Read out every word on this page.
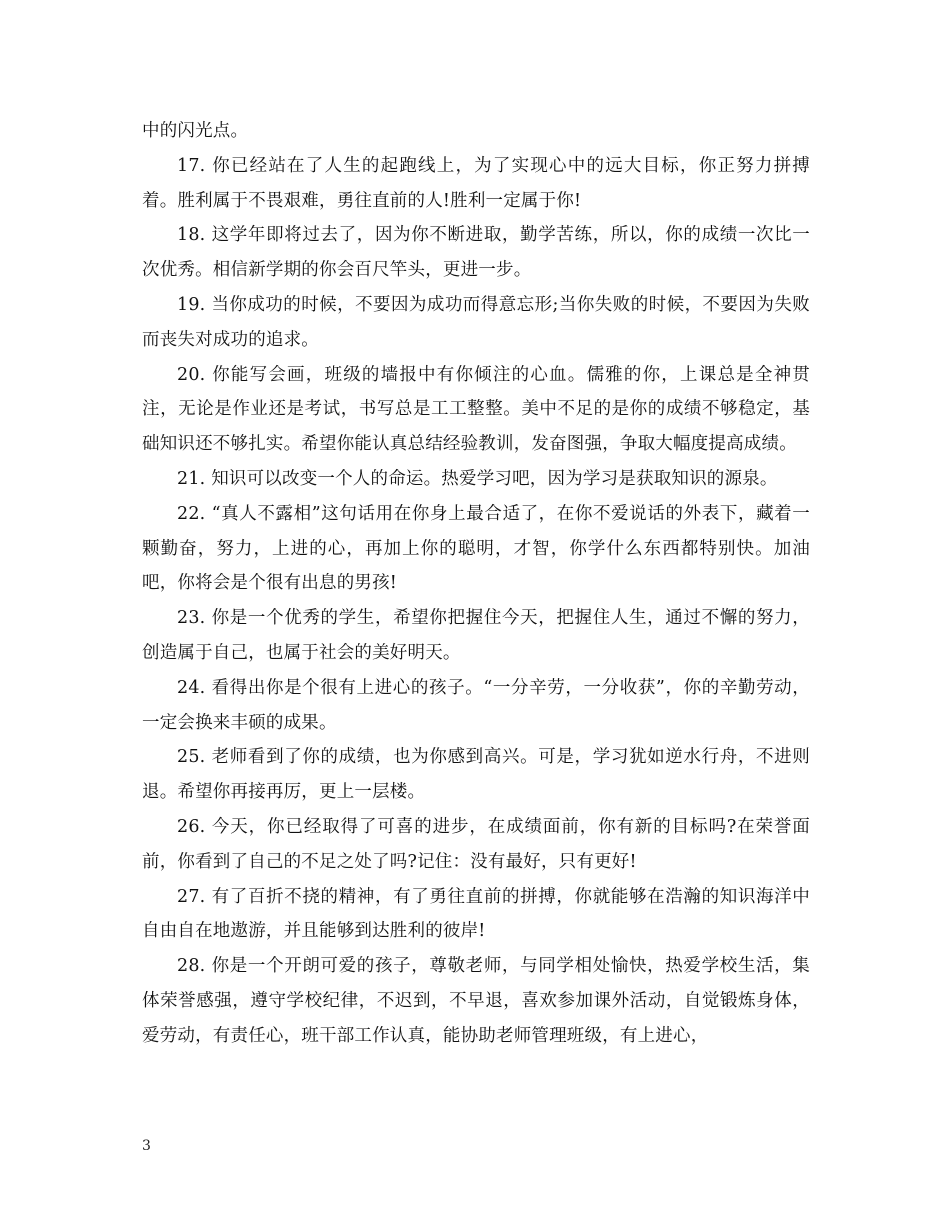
中的闪光点。

17. 你已经站在了人生的起跑线上，为了实现心中的远大目标，你正努力拼搏着。胜利属于不畏艰难，勇往直前的人!胜利一定属于你!

18. 这学年即将过去了，因为你不断进取，勤学苦练，所以，你的成绩一次比一次优秀。相信新学期的你会百尺竿头，更进一步。

19. 当你成功的时候，不要因为成功而得意忘形;当你失败的时候，不要因为失败而丧失对成功的追求。

20. 你能写会画，班级的墙报中有你倾注的心血。儒雅的你，上课总是全神贯注，无论是作业还是考试，书写总是工工整整。美中不足的是你的成绩不够稳定，基础知识还不够扎实。希望你能认真总结经验教训，发奋图强，争取大幅度提高成绩。

21. 知识可以改变一个人的命运。热爱学习吧，因为学习是获取知识的源泉。

22. “真人不露相”这句话用在你身上最合适了，在你不爱说话的外表下，藏着一颗勤奋，努力，上进的心，再加上你的聪明，才智，你学什么东西都特别快。加油吧，你将会是个很有出息的男孩!

23. 你是一个优秀的学生，希望你把握住今天，把握住人生，通过不懈的努力，创造属于自己，也属于社会的美好明天。

24. 看得出你是个很有上进心的孩子。“一分辛劳，一分收获”，你的辛勤劳动，一定会换来丰硕的成果。

25. 老师看到了你的成绩，也为你感到高兴。可是，学习犹如逆水行舟，不进则退。希望你再接再厉，更上一层楼。

26. 今天，你已经取得了可喜的进步，在成绩面前，你有新的目标吗?在荣誉面前，你看到了自己的不足之处了吗?记住：没有最好，只有更好!

27. 有了百折不挠的精神，有了勇往直前的拼搏，你就能够在浩瀚的知识海洋中自由自在地遨游，并且能够到达胜利的彼岸!

28. 你是一个开朗可爱的孩子，尊敬老师，与同学相处愉快，热爱学校生活，集体荣誉感强，遵守学校纪律，不迟到，不早退，喜欢参加课外活动，自觉锻炼身体，爱劳动，有责任心，班干部工作认真，能协助老师管理班级，有上进心，

3
